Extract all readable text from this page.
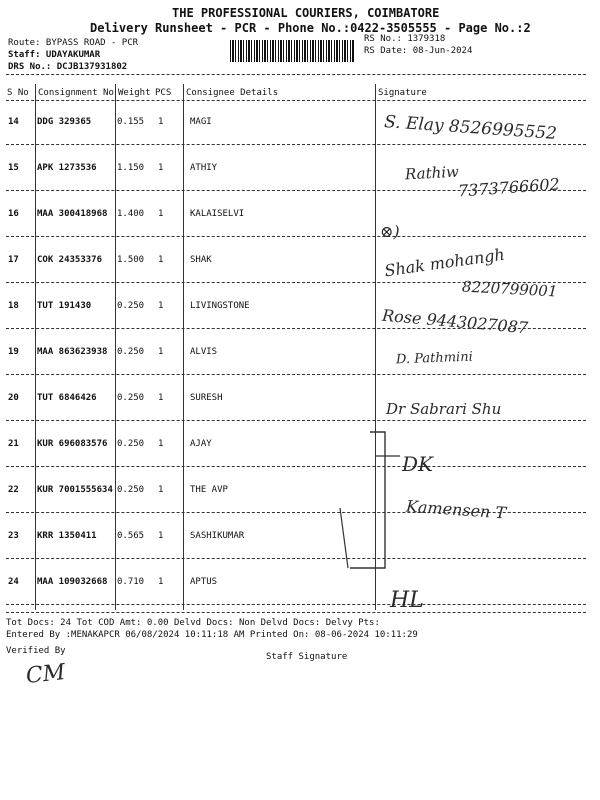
THE PROFESSIONAL COURIERS, COIMBATORE
Delivery Runsheet - PCR - Phone No.:0422-3505555 - Page No.:2
Route: BYPASS ROAD - PCR
Staff: UDAYAKUMAR
DRS No.: DCJB137931802
RS No.: 1379318
RS Date: 08-Jun-2024
S No Consignment No Weight PCS Consignee Details	Signature
14 DDG 329365	0.155 1	MAGI
15 APK 1273536 1.150 1	ATHIY
16 MAA 300418968 1.400 1	KALAISELVI
17 COK 24353376 1.500 1	SHAK
18 TUT 191430	0.250 1	LIVINGSTONE
19 MAA 863623938 0.250 1	ALVIS
20 TUT 6846426 0.250 1	SURESH
21 KUR 696083576 0.250 1	AJAY
22 KUR 7001555634 0.250 1	THE AVP
23 KRR 1350411 0.565 1	SASHIKUMAR
24 MAA 109032668 0.710 1	APTUS
S. Elay 8526995552
Rathiw
7373766602
⊗)
Shak mohangh
8220799001
Rose 9443027087
D. Pathmini
Dr Sabrari Shu
DK
Kamensen T
HL
Tot Docs: 24 Tot COD Amt: 0.00 Delvd Docs: Non Delvd Docs: Delvy Pts:
Entered By :MENAKAPCR 06/08/2024 10:11:18 AM Printed On: 08-06-2024 10:11:29
Verified By
Staff Signature
CM
